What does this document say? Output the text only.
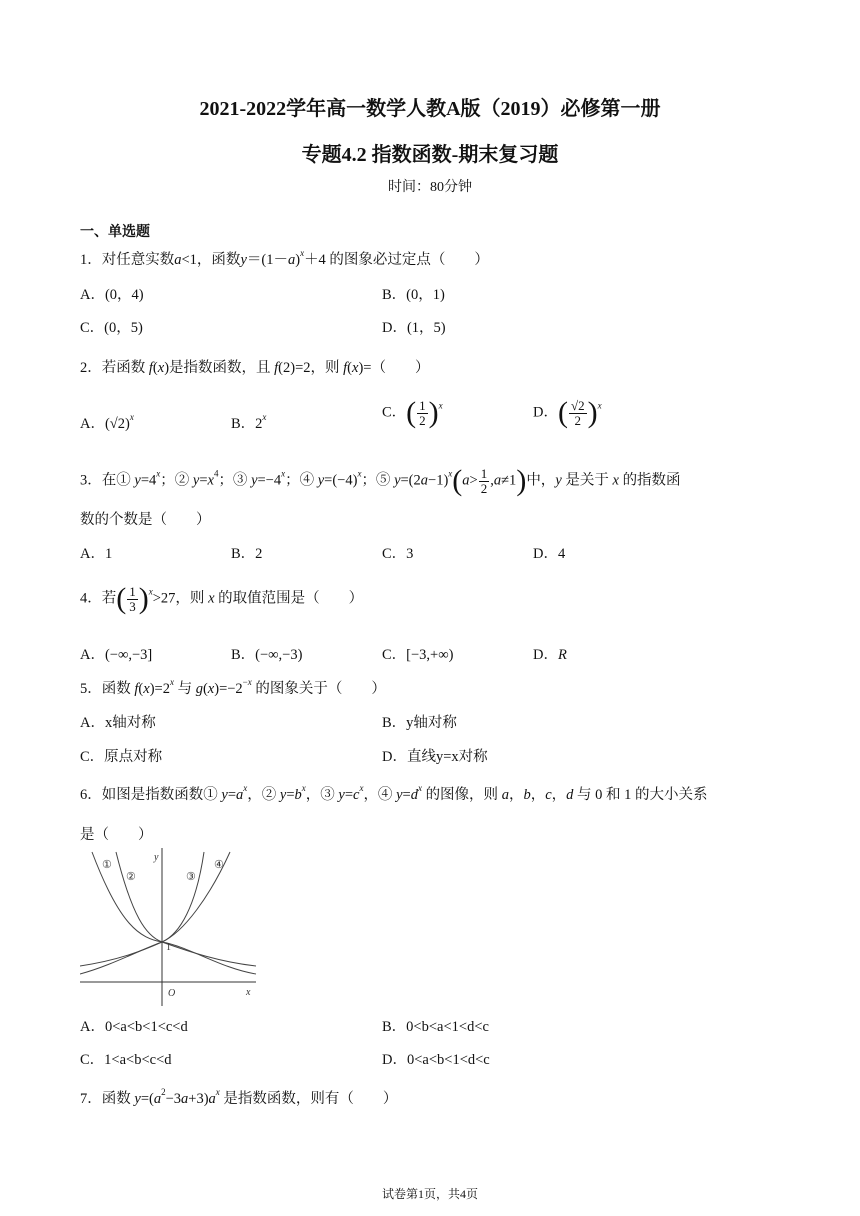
2021-2022学年高一数学人教A版（2019）必修第一册
专题4.2 指数函数-期末复习题
时间：80分钟
一、单选题
1．对任意实数a<1，函数$y=(1-a)^x+4$ 的图象必过定点（　　）
A．(0，4)	B．(0，1)
C．(0，5)	D．(1，5)
2．若函数 f(x)是指数函数，且 f(2)=2，则 f(x)=（　　）
A．$(√2)^x$	B．2$^x$	C．( $\frac{1}{2} )^x$	D．( $\frac{√2}{2} )^x$
3．在① $y=4^x$；② $y=x^4$；③ $y=-4^x$；④ $y=(-4)^x$；⑤ $y=(2a-1)^x(a> \frac{1}{2} ,a\ne 1)$中，y 是关于 x 的指数函
数的个数是（　　）
A．1	B．2	C．3	D．4
4．若( $\frac{1}{3} )^x>27$，则 x 的取值范围是（　　）
A．(−∞,−3]	B．(−∞,−3)	C．[−3,+∞)	D．R
5．函数 $f(x)=2^x$ 与 $g(x)=-2^{-x}$ 的图象关于（　　）
A．x轴对称	B．y轴对称
C．原点对称	D．直线y=x对称
6．如图是指数函数① $y=a^x$，② $y=b^x$，③ $y=c^x$，④ $y=d^x$ 的图像，则 a，b，c，d 与 0 和 1 的大小关系
是（　　）
①
②	③
④
y
x
O
1
A．0<a<b<1<c<d	B．0<b<a<1<d<c
C．1<a<b<c<d	D．0<a<b<1<d<c
7．函数 $y=(a^2-3a+3)a^x$ 是指数函数，则有（　　）
试卷第1页，共4页
